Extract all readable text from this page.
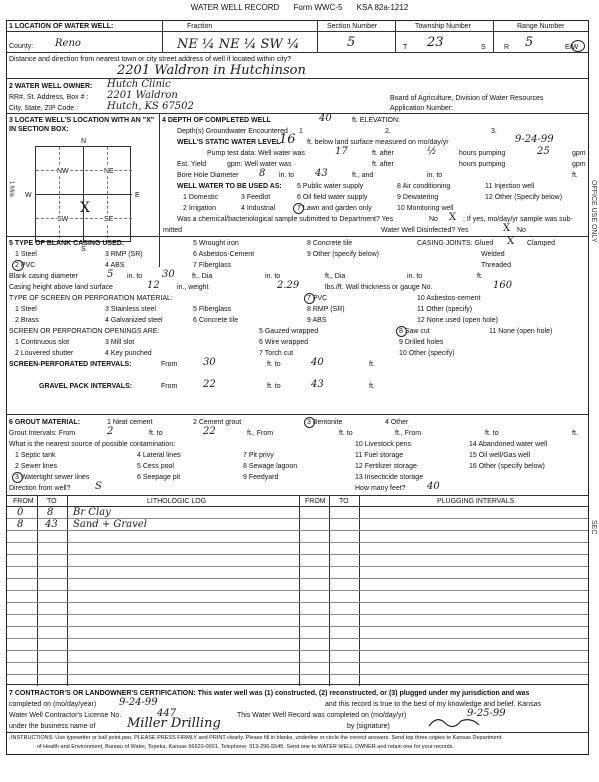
WATER WELL RECORD Form WWC-5 KSA 82a-1212
1 LOCATION OF WATER WELL:	Fraction	Section Number	Township Number	Range Number
County: Reno	NE ¼ NE ¼ SW ¼	5	T 23	S	R 5	E/W
Distance and direction from nearest town or city street address of well if located within city?
2201 Waldron in Hutchinson
2 WATER WELL OWNER: Hutch Clinic
RR#, St. Address, Box # : 2201 Waldron
City, State, ZIP Code :	Hutch, KS 67502
Board of Agriculture, Division of Water Resources
Application Number:
3 LOCATE WELL'S LOCATION WITH AN "X" IN SECTION BOX:
NW	NE
SW	SE
X
N
S
W	E
1 Mile
4 DEPTH OF COMPLETED WELL	40	ft. ELEVATION:
Depth(s) Groundwater Encountered 1	2.	3.
WELL'S STATIC WATER LEVEL
16 ft. below land surface measured on mo/day/yr	9-24-99
Pump test data: Well water was	17	ft. after	½	hours pumping	25	gpm
Est. Yield	gpm: Well water was	ft. after	hours pumping	gpm
Bore Hole Diameter 8 in. to 43	ft., and	in. to	ft.
WELL WATER TO BE USED AS: 5 Public water supply	8 Air conditioning	11 Injection well
1 Domestic	3 Feedlot	6 Oil field water supply	9 Dewatering	12 Other (Specify below)
2 Irrigation	4 Industrial	7 Lawn and garden only	10 Monitoring well
Was a chemical/bacteriological sample submitted to Department? Yes	No X ; If yes, mo/day/yr sample was sub-
mitted	Water Well Disinfected? Yes	No
X
5 TYPE OF BLANK CASING USED:
1 Steel
2 PVC
3 RMP (SR)
4 ABS
5 Wrought iron
6 Asbestos-Cement
7 Fiberglass
8 Concrete tile
9 Other (specify below)
CASING JOINTS: Glued	Clamped
X
Welded
Threaded
Blank casing diameter	5 in. to 30 ft., Dia	in. to	ft., Dia	in. to	ft.
Casing height above land surface	12 in., weight	2.29	lbs./ft. Wall thickness or gauge No.	160
TYPE OF SCREEN OR PERFORATION MATERIAL:
1 Steel
2 Brass
3 Stainless steel
4 Galvanized steel
5 Fiberglass
6 Concrete tile
7 PVC
8 RMP (SR)
9 ABS
10 Asbestos-cement
11 Other (specify)
12 None used (open hole)
SCREEN OR PERFORATION OPENINGS ARE:
1 Continuous slot
2 Louvered shutter
3 Mill slot
4 Key punched
5 Gauzed wrapped
6 Wire wrapped
7 Torch cut
8 Saw cut
9 Drilled holes
10 Other (specify)
11 None (open hole)
SCREEN-PERFORATED INTERVALS:	From	30	ft. to	40	ft.
GRAVEL PACK INTERVALS:	From	22	ft. to	43	ft.
6 GROUT MATERIAL:	1 Neat cement	2 Cement grout	3 Bentonite	4 Other
Grout Intervals: From	2	ft. to	22	ft., From	ft. to	ft., From	ft. to	ft.
What is the nearest source of possible contamination:
1 Septic tank
2 Sewer lines
3 Watertight sewer lines
4 Lateral lines
5 Cess pool
6 Seepage pit
7 Pit privy
8 Sewage lagoon
9 Feedyard
10 Livestock pens
11 Fuel storage
12 Fertilizer storage
13 Insecticide storage
14 Abandoned water well
15 Oil well/Gas well
16 Other (specify below)
Direction from well? S	How many feet? 40
FROM TO	LITHOLOGIC LOG	FROM TO	PLUGGING INTERVALS
0 8 Br Clay
8 43 Sand + Gravel
7 CONTRACTOR'S OR LANDOWNER'S CERTIFICATION: This water well was (1) constructed, (2) reconstructed, or (3) plugged under my jurisdiction and was
completed on (mo/day/year) 9-24-99	and this record is true to the best of my knowledge and belief. Kansas
Water Well Contractor's License No.	447	This Water Well Record was completed on (mo/day/yr)	9-25-99
under the business name of Miller Drilling	by (signature)
INSTRUCTIONS: Use typewriter or ball point pen. PLEASE PRESS FIRMLY and PRINT clearly. Please fill in blanks, underline or circle the correct answers. Send top three copies to Kansas Department
of Health and Environment, Bureau of Water, Topeka, Kansas 66620-0001. Telephone: 913-296-5545. Send one to WATER WELL OWNER and retain one for your records.
OFFICE USE ONLY
SEC
